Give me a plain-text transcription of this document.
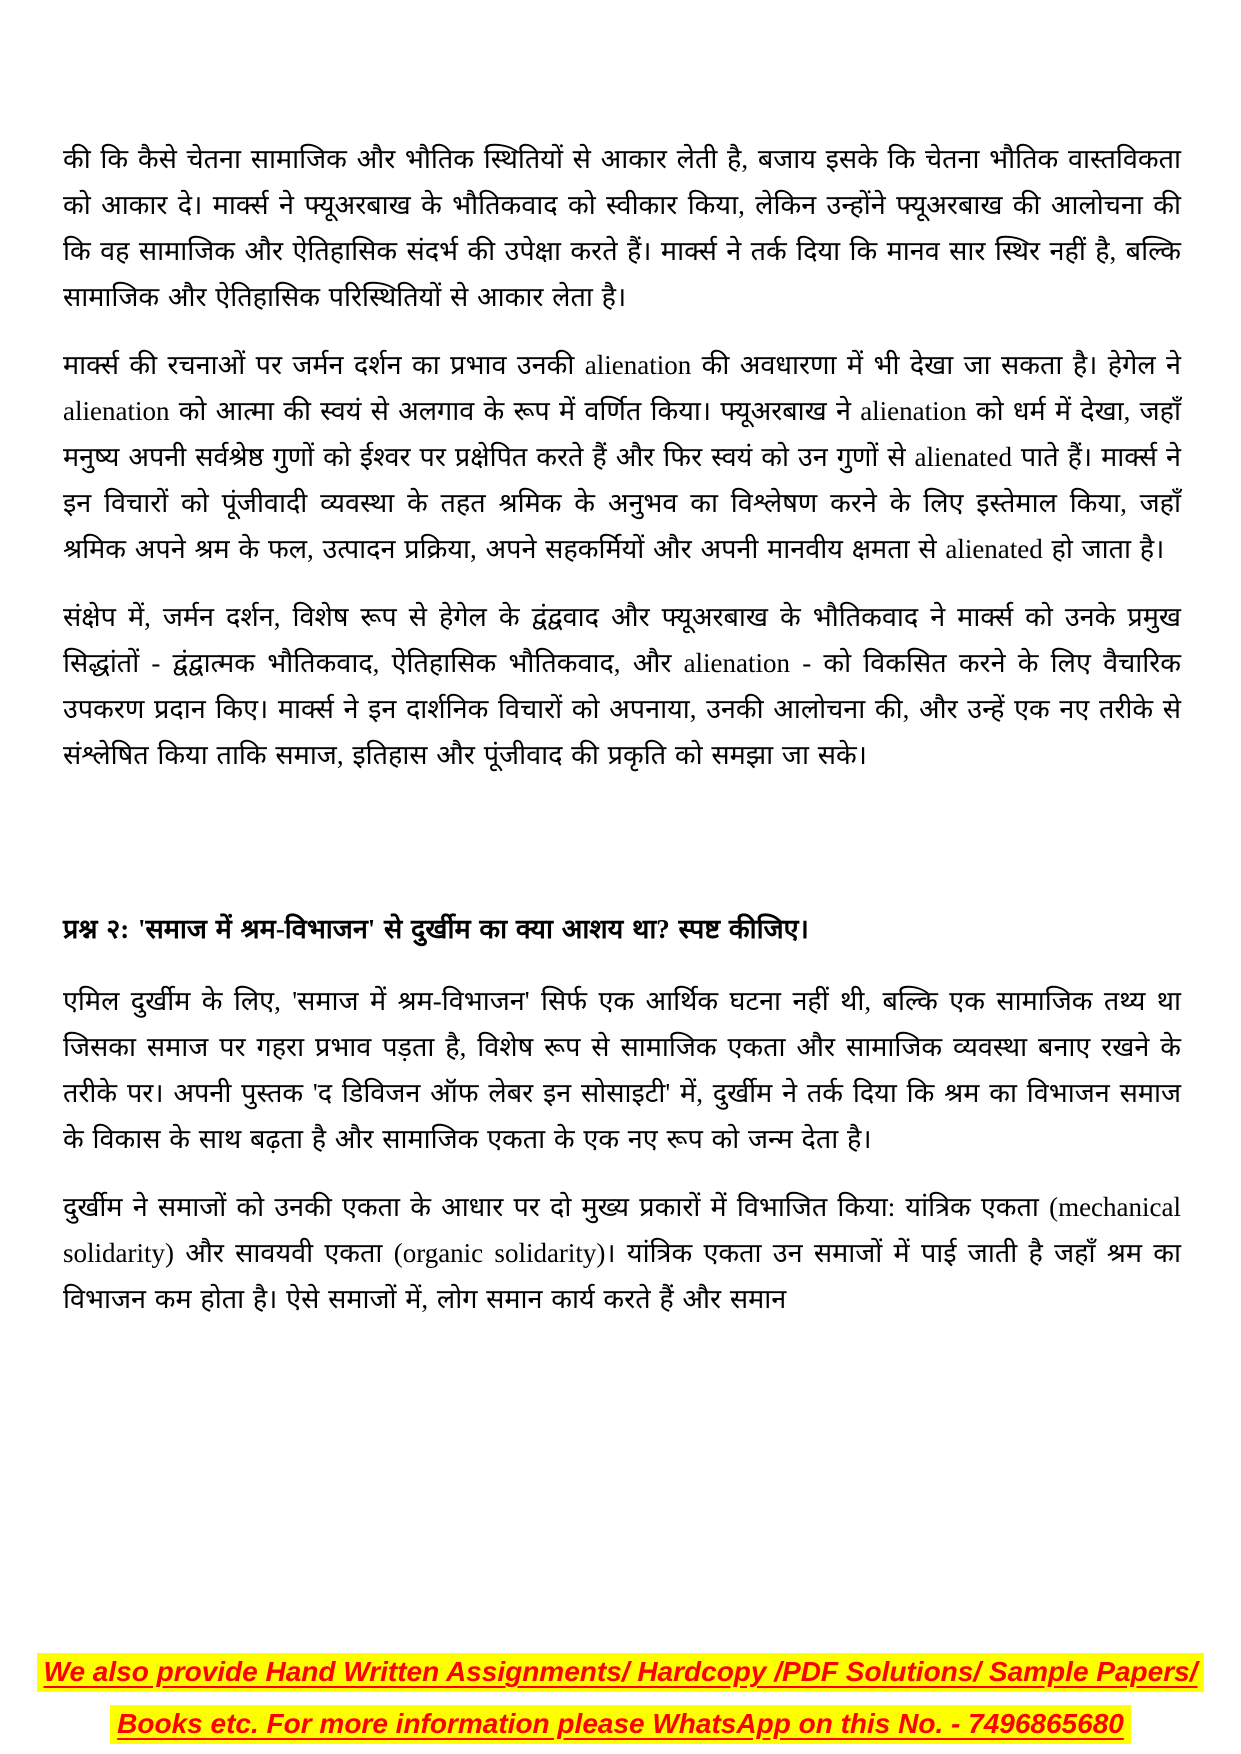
की कि कैसे चेतना सामाजिक और भौतिक स्थितियों से आकार लेती है, बजाय इसके कि चेतना भौतिक वास्तविकता को आकार दे। मार्क्स ने फ्यूअरबाख के भौतिकवाद को स्वीकार किया, लेकिन उन्होंने फ्यूअरबाख की आलोचना की कि वह सामाजिक और ऐतिहासिक संदर्भ की उपेक्षा करते हैं। मार्क्स ने तर्क दिया कि मानव सार स्थिर नहीं है, बल्कि सामाजिक और ऐतिहासिक परिस्थितियों से आकार लेता है।

मार्क्स की रचनाओं पर जर्मन दर्शन का प्रभाव उनकी alienation की अवधारणा में भी देखा जा सकता है। हेगेल ने alienation को आत्मा की स्वयं से अलगाव के रूप में वर्णित किया। फ्यूअरबाख ने alienation को धर्म में देखा, जहाँ मनुष्य अपनी सर्वश्रेष्ठ गुणों को ईश्वर पर प्रक्षेपित करते हैं और फिर स्वयं को उन गुणों से alienated पाते हैं। मार्क्स ने इन विचारों को पूंजीवादी व्यवस्था के तहत श्रमिक के अनुभव का विश्लेषण करने के लिए इस्तेमाल किया, जहाँ श्रमिक अपने श्रम के फल, उत्पादन प्रक्रिया, अपने सहकर्मियों और अपनी मानवीय क्षमता से alienated हो जाता है।

संक्षेप में, जर्मन दर्शन, विशेष रूप से हेगेल के द्वंद्ववाद और फ्यूअरबाख के भौतिकवाद ने मार्क्स को उनके प्रमुख सिद्धांतों - द्वंद्वात्मक भौतिकवाद, ऐतिहासिक भौतिकवाद, और alienation - को विकसित करने के लिए वैचारिक उपकरण प्रदान किए। मार्क्स ने इन दार्शनिक विचारों को अपनाया, उनकी आलोचना की, और उन्हें एक नए तरीके से संश्लेषित किया ताकि समाज, इतिहास और पूंजीवाद की प्रकृति को समझा जा सके।

प्रश्न २: 'समाज में श्रम-विभाजन' से दुर्खीम का क्या आशय था? स्पष्ट कीजिए।

एमिल दुर्खीम के लिए, 'समाज में श्रम-विभाजन' सिर्फ एक आर्थिक घटना नहीं थी, बल्कि एक सामाजिक तथ्य था जिसका समाज पर गहरा प्रभाव पड़ता है, विशेष रूप से सामाजिक एकता और सामाजिक व्यवस्था बनाए रखने के तरीके पर। अपनी पुस्तक 'द डिविजन ऑफ लेबर इन सोसाइटी' में, दुर्खीम ने तर्क दिया कि श्रम का विभाजन समाज के विकास के साथ बढ़ता है और सामाजिक एकता के एक नए रूप को जन्म देता है।

दुर्खीम ने समाजों को उनकी एकता के आधार पर दो मुख्य प्रकारों में विभाजित किया: यांत्रिक एकता (mechanical solidarity) और सावयवी एकता (organic solidarity)। यांत्रिक एकता उन समाजों में पाई जाती है जहाँ श्रम का विभाजन कम होता है। ऐसे समाजों में, लोग समान कार्य करते हैं और समान

We also provide Hand Written Assignments/ Hardcopy /PDF Solutions/ Sample Papers/
Books etc. For more information please WhatsApp on this No. - 7496865680
